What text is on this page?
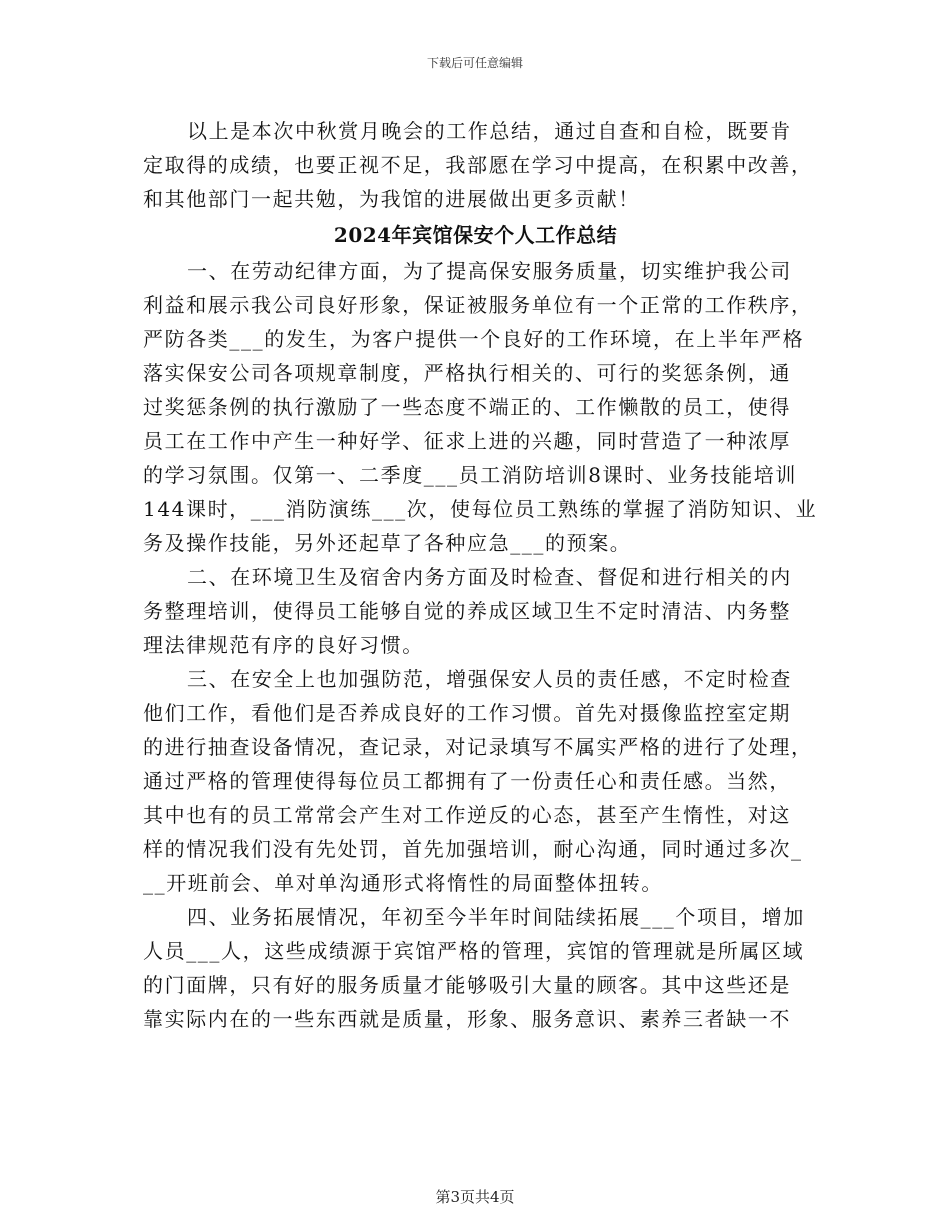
下载后可任意编辑
以上是本次中秋赏月晚会的工作总结，通过自查和自检，既要肯
定取得的成绩，也要正视不足，我部愿在学习中提高，在积累中改善，
和其他部门一起共勉，为我馆的进展做出更多贡献！
2024年宾馆保安个人工作总结
一、在劳动纪律方面，为了提高保安服务质量，切实维护我公司
利益和展示我公司良好形象，保证被服务单位有一个正常的工作秩序，
严防各类___的发生，为客户提供一个良好的工作环境，在上半年严格
落实保安公司各项规章制度，严格执行相关的、可行的奖惩条例，通
过奖惩条例的执行激励了一些态度不端正的、工作懒散的员工，使得
员工在工作中产生一种好学、征求上进的兴趣，同时营造了一种浓厚
的学习氛围。仅第一、二季度___员工消防培训8课时、业务技能培训
144课时，___消防演练___次，使每位员工熟练的掌握了消防知识、业
务及操作技能，另外还起草了各种应急___的预案。
二、在环境卫生及宿舍内务方面及时检查、督促和进行相关的内
务整理培训，使得员工能够自觉的养成区域卫生不定时清洁、内务整
理法律规范有序的良好习惯。
三、在安全上也加强防范，增强保安人员的责任感，不定时检查
他们工作，看他们是否养成良好的工作习惯。首先对摄像监控室定期
的进行抽查设备情况，查记录，对记录填写不属实严格的进行了处理，
通过严格的管理使得每位员工都拥有了一份责任心和责任感。当然，
其中也有的员工常常会产生对工作逆反的心态，甚至产生惰性，对这
样的情况我们没有先处罚，首先加强培训，耐心沟通，同时通过多次_
__开班前会、单对单沟通形式将惰性的局面整体扭转。
四、业务拓展情况，年初至今半年时间陆续拓展___个项目，增加
人员___人，这些成绩源于宾馆严格的管理，宾馆的管理就是所属区域
的门面牌，只有好的服务质量才能够吸引大量的顾客。其中这些还是
靠实际内在的一些东西就是质量，形象、服务意识、素养三者缺一不
第3页共4页
